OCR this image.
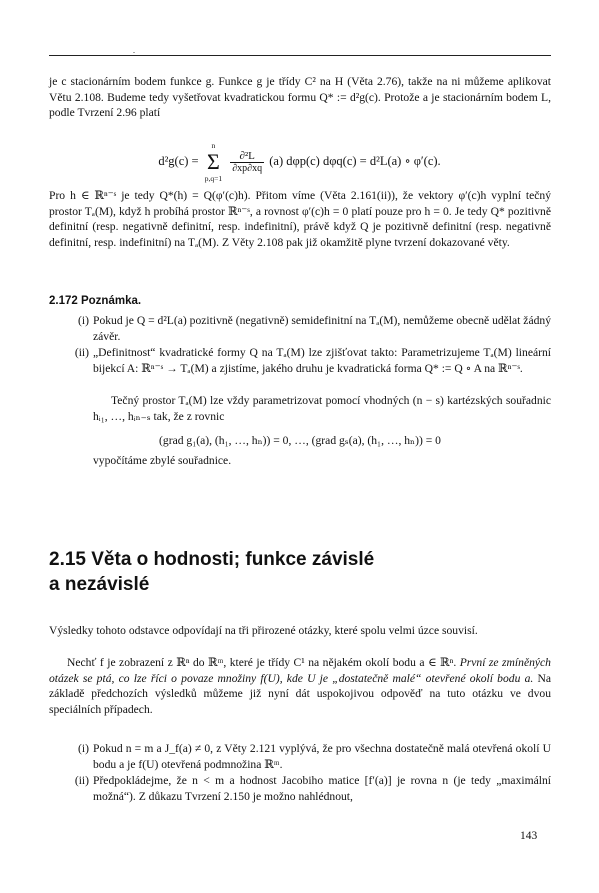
.

je c stacionárním bodem funkce g. Funkce g je třídy C² na H (Věta 2.76), takže na ni můžeme aplikovat Větu 2.108. Budeme tedy vyšetřovat kvadratickou formu Q* := d²g(c). Protože a je stacionárním bodem L, podle Tvrzení 2.96 platí

d²g(c) =
n
Σ
p,q=1

$\frac{\text{∂²L}}{\partial xp\partial xq} (a)$ dφp(c) dφq(c) = d²L(a) ∘ φ′(c).

Pro h ∈ ℝⁿ⁻ˢ je tedy Q*(h) = Q(φ′(c)h). Přitom víme (Věta 2.161(ii)), že vektory φ′(c)h vyplní tečný prostor Tₐ(M), když h probíhá prostor ℝⁿ⁻ˢ, a rovnost φ′(c)h = 0 platí pouze pro h = 0. Je tedy Q* pozitivně definitní (resp. negativně definitní, resp. indefinitní), právě když Q je pozitivně definitní (resp. negativně definitní, resp. indefinitní) na Tₐ(M). Z Věty 2.108 pak již okamžitě plyne tvrzení dokazované věty.

2.172 Poznámka.
(i) Pokud je Q = d²L(a) pozitivně (negativně) semidefinitní na Tₐ(M), nemůžeme obecně udělat žádný závěr.
(ii) „Definitnost“ kvadratické formy Q na Tₐ(M) lze zjišťovat takto: Parametrizujeme Tₐ(M) lineární bijekcí A: ℝⁿ⁻ˢ → Tₐ(M) a zjistíme, jakého druhu je kvadratická forma Q* := Q ∘ A na ℝⁿ⁻ˢ.
Tečný prostor Tₐ(M) lze vždy parametrizovat pomocí vhodných (n − s) kartézských souřadnic hᵢ₁, …, hᵢₙ₋ₛ tak, že z rovnic
(grad g₁(a), (h₁, …, hₙ)) = 0, …, (grad gₛ(a), (h₁, …, hₙ)) = 0
vypočítáme zbylé souřadnice.
2.15 Věta o hodnosti; funkce závislé
a nezávislé

Výsledky tohoto odstavce odpovídají na tři přirozené otázky, které spolu velmi úzce souvisí.

Nechť f je zobrazení z ℝⁿ do ℝᵐ, které je třídy C¹ na nějakém okolí bodu a ∈ ℝⁿ. První ze zmíněných otázek se ptá, co lze říci o povaze množiny f(U), kde U je „dostatečně malé“ otevřené okolí bodu a. Na základě předchozích výsledků můžeme již nyní dát uspokojivou odpověď na tuto otázku ve dvou speciálních případech.

(i) Pokud n = m a J_f(a) ≠ 0, z Věty 2.121 vyplývá, že pro všechna dostatečně malá otevřená okolí U bodu a je f(U) otevřená podmnožina ℝᵐ.
(ii) Předpokládejme, že n < m a hodnost Jacobiho matice [f′(a)] je rovna n (je tedy „maximální možná“). Z důkazu Tvrzení 2.150 je možno nahlédnout,
143
